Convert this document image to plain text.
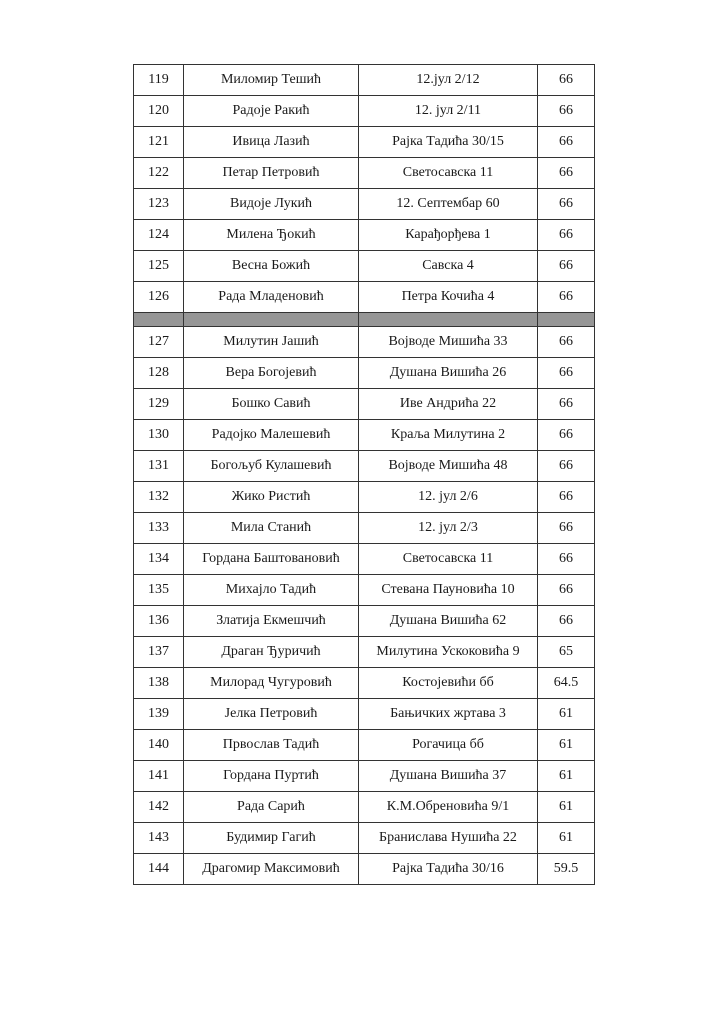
119	Миломир Тешић	12.јул 2/12	66
120	Радоје Ракић	12. јул 2/11	66
121	Ивица Лазић	Рајка Тадића 30/15	66
122	Петар Петровић	Светосавска 11	66
123	Видоје Лукић	12. Септембар 60	66
124	Милена Ђокић	Карађорђева 1	66
125	Весна Божић	Савска 4	66
126	Рада Младеновић	Петра Кочића 4	66

127	Милутин Јашић	Војводе Мишића 33	66
128	Вера Богојевић	Душана Вишића 26	66
129	Бошко Савић	Иве Андрића 22	66
130	Радојко Малешевић	Краља Милутина 2	66
131	Богољуб Кулашевић	Војводе Мишића 48	66
132	Жико Ристић	12. јул 2/6	66
133	Мила Станић	12. јул 2/3	66
134	Гордана Баштовановић	Светосавска 11	66
135	Михајло Тадић	Стевана Пауновића 10	66
136	Златија Екмешчић	Душана Вишића 62	66
137	Драган Ђуричић	Милутина Ускоковића 9	65
138	Милорад Чугуровић	Костојевићи бб	64.5
139	Јелка Петровић	Бањичких жртава 3	61
140	Првослав Тадић	Рогачица бб	61
141	Гордана Пуртић	Душана Вишића 37	61
142	Рада Сарић	К.М.Обреновића 9/1	61
143	Будимир Гагић	Бранислава Нушића 22	61
144	Драгомир Максимовић	Рајка Тадића 30/16	59.5
